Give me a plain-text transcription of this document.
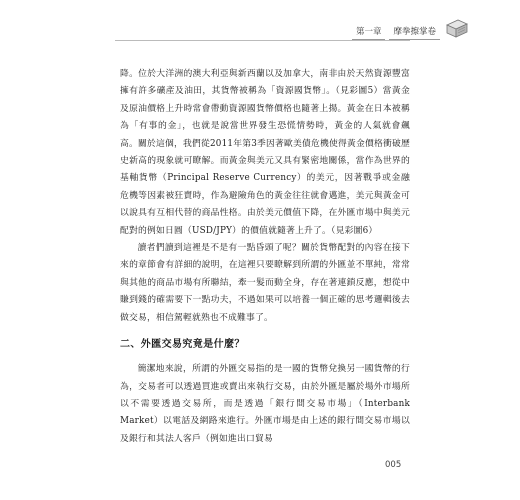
第一章	摩拳擦掌卷

降。位於大洋洲的澳大利亞與新西蘭以及加拿大，南非由於天然資源豐富擁有許多礦產及油田，其貨幣被稱為「資源國貨幣」。（見彩圖5）當黃金及原油價格上升時常會帶動資源國貨幣價格也隨著上揚。黃金在日本被稱為「有事的金」，也就是說當世界發生恐慌情勢時，黃金的人氣就會飆高。關於這個，我們從2011年第3季因著歐美債危機使得黃金價格衝破歷史新高的現象就可瞭解。而黃金與美元又具有緊密地關係，當作為世界的基軸貨幣（Principal Reserve Currency）的美元，因著戰爭或金融危機等因素被狂賣時，作為避險角色的黃金往往就會邁進，美元與黃金可以說具有互相代替的商品性格。由於美元價值下降，在外匯市場中與美元配對的例如日圓（USD/JPY）的價值就隨著上升了。（見彩圖6）

讀者們讀到這裡是不是有一點昏頭了呢？關於貨幣配對的內容在接下來的章節會有詳細的說明，在這裡只要瞭解到所謂的外匯並不單純，常常與其他的商品市場有所聯結，牽一髮而動全身，存在著連鎖反應，想從中賺到錢的確需要下一點功夫，不過如果可以培養一個正確的思考邏輯後去做交易，相信駕輕就熟也不成難事了。

二、外匯交易究竟是什麼？

簡潔地來說，所謂的外匯交易指的是一國的貨幣兌換另一國貨幣的行為，交易者可以透過買進或賣出來執行交易，由於外匯是屬於場外市場所以不需要透過交易所，而是透過「銀行間交易市場」（Interbank Market）以電話及網路來進行。外匯市場是由上述的銀行間交易市場以及銀行和其法人客戶（例如進出口貿易

005
